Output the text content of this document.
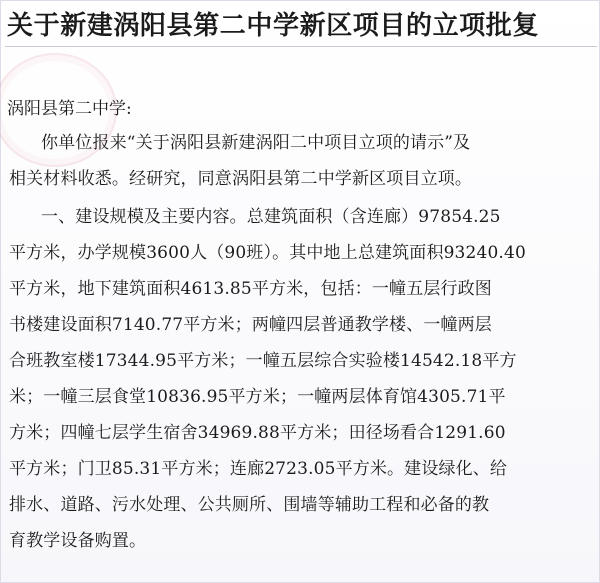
关于新建涡阳县第二中学新区项目的立项批复
涡阳县第二中学:
你单位报来“关于涡阳县新建涡阳二中项目立项的请示”及
相关材料收悉。经研究，同意涡阳县第二中学新区项目立项。
一、建设规模及主要内容。总建筑面积（含连廊）97854.25
平方米，办学规模3600人（90班）。其中地上总建筑面积93240.40
平方米，地下建筑面积4613.85平方米，包括：一幢五层行政图
书楼建设面积7140.77平方米；两幢四层普通教学楼、一幢两层
合班教室楼17344.95平方米；一幢五层综合实验楼14542.18平方
米；一幢三层食堂10836.95平方米；一幢两层体育馆4305.71平
方米；四幢七层学生宿舍34969.88平方米；田径场看合1291.60
平方米；门卫85.31平方米；连廊2723.05平方米。建设绿化、给
排水、道路、污水处理、公共厕所、围墙等辅助工程和必备的教
育教学设备购置。
